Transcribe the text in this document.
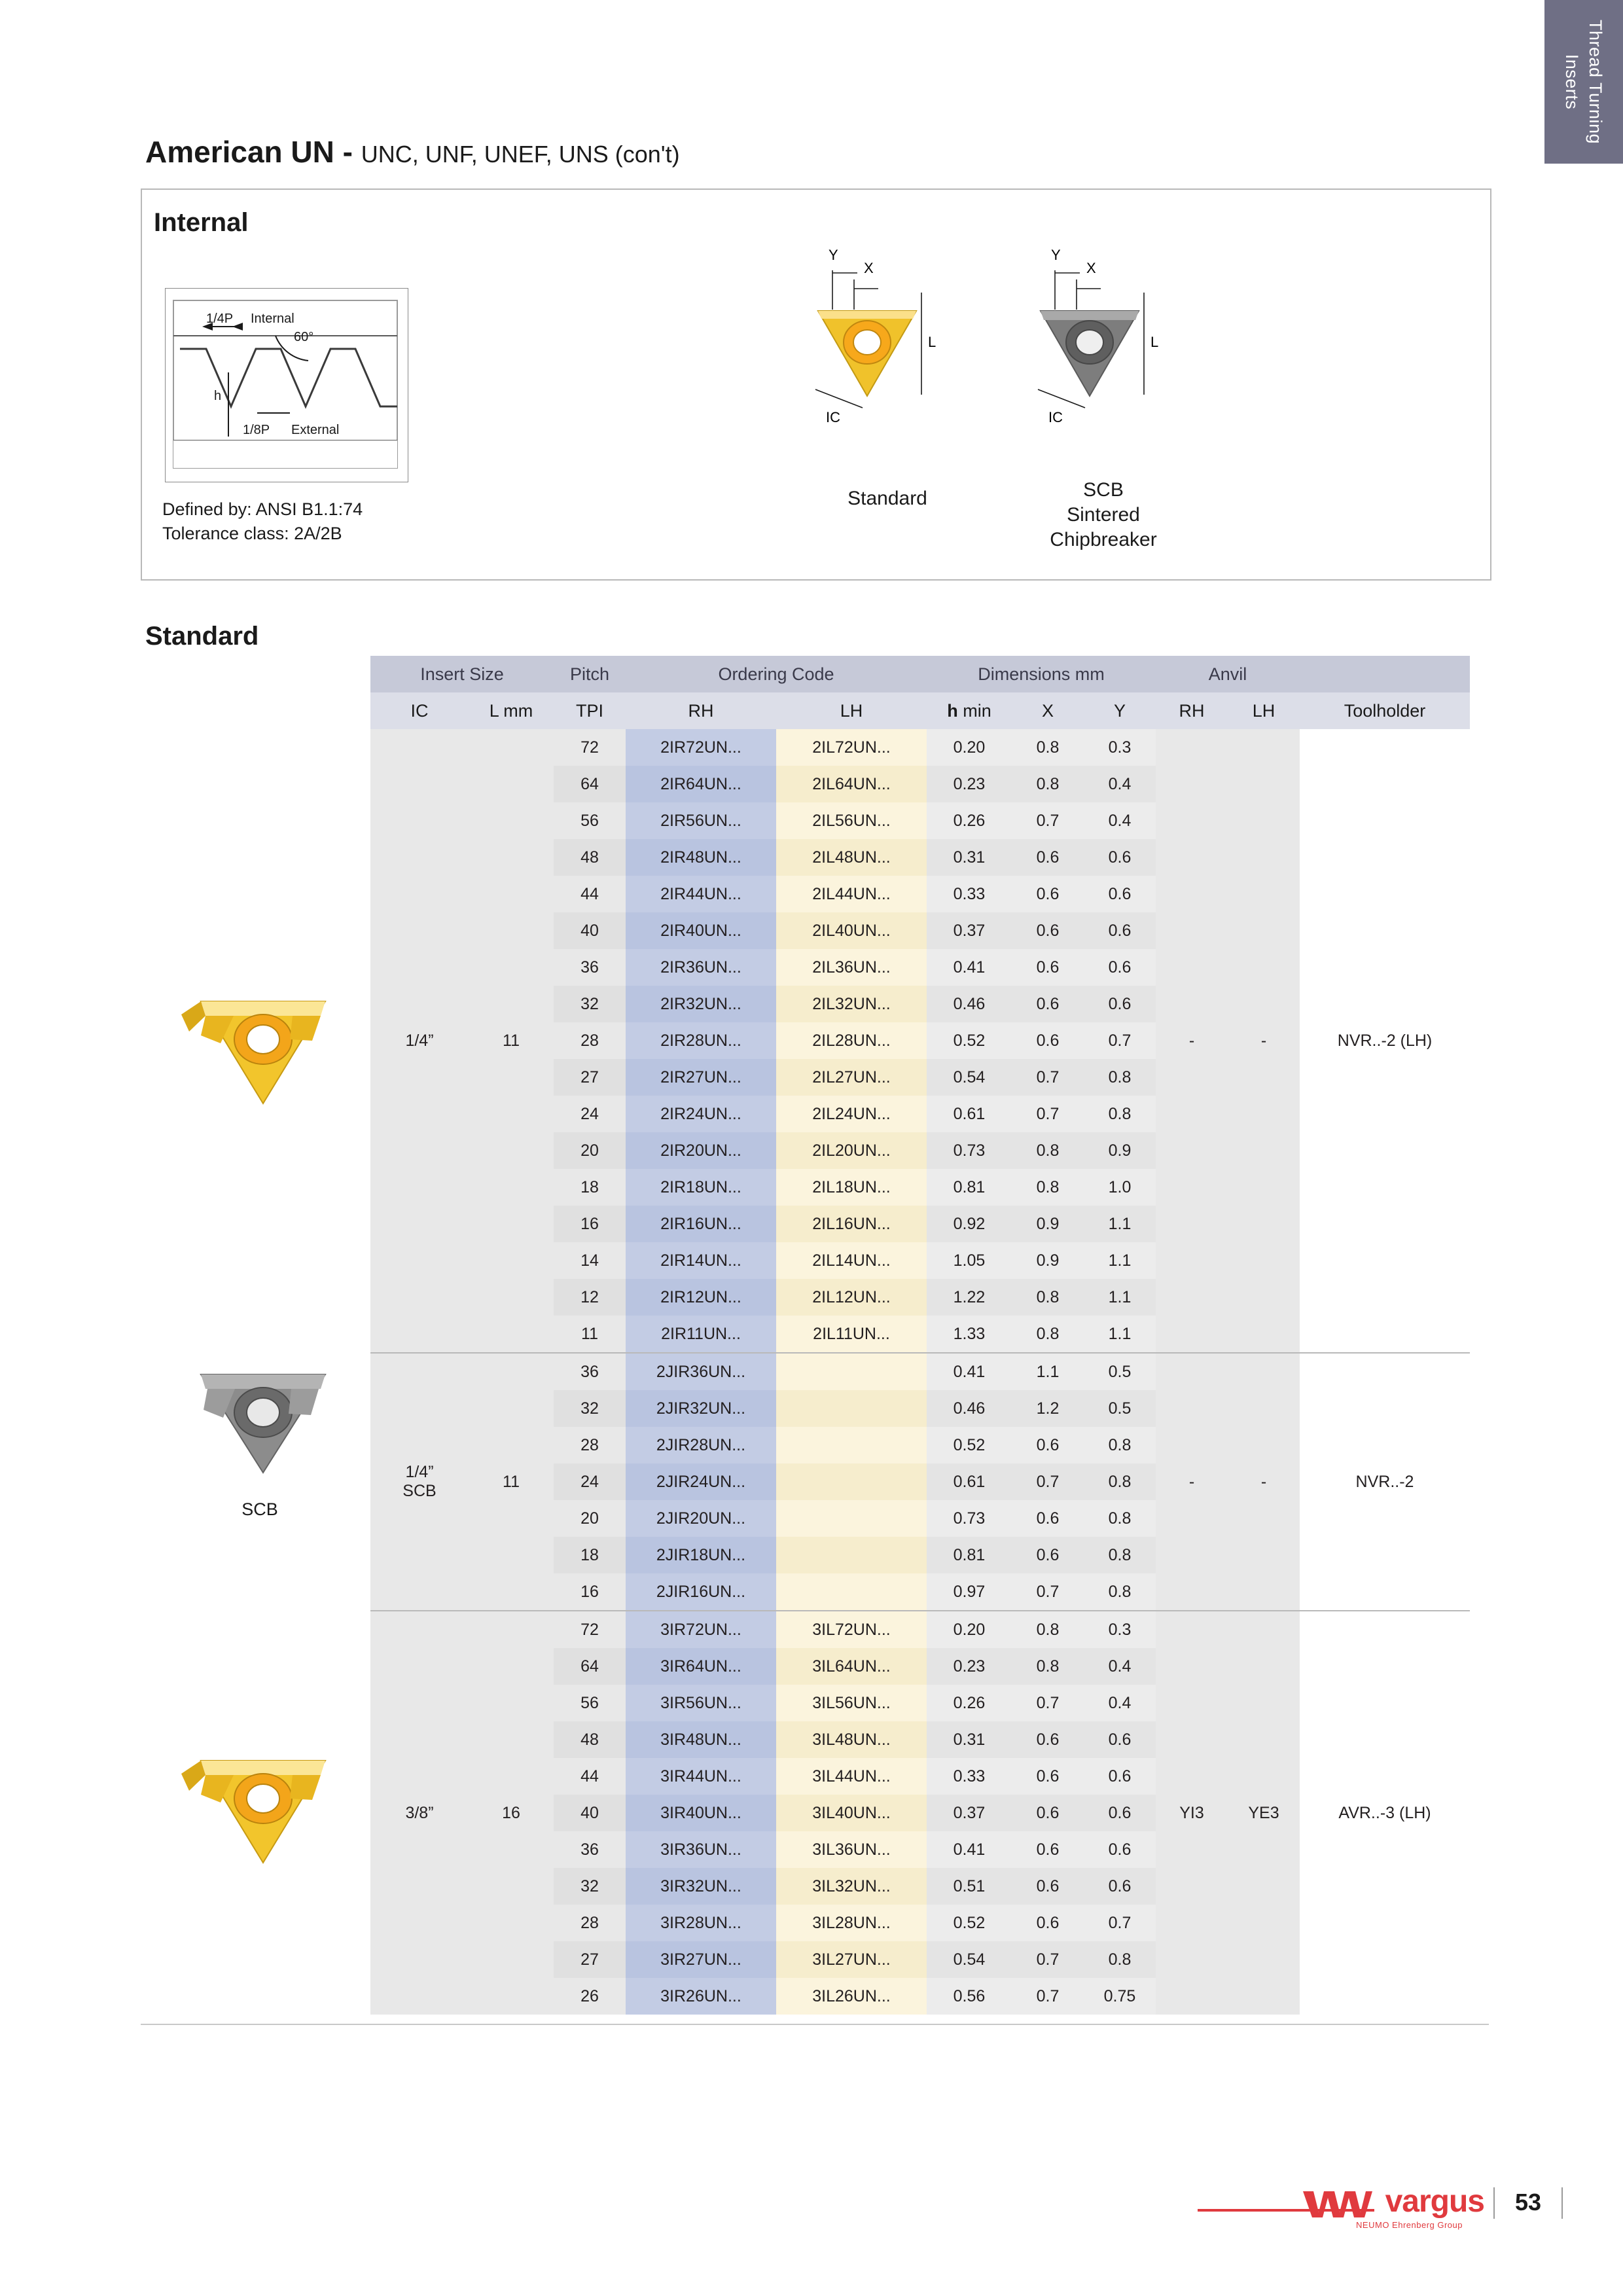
Thread Turning
Inserts
American UN - UNC, UNF, UNEF, UNS (con't)
Internal
1/4P Internal
60°
h
1/8P External
Defined by: ANSI B1.1:74
Tolerance class: 2A/2B
Y
X
L
IC
Y
X
L
IC
Standard	SCB
Sintered
Chipbreaker
Standard
SCB
Insert Size		Pitch	Ordering Code		Dimensions mm			Anvil		
IC	L mm	TPI	RH	LH	h min	X	Y	RH	LH	Toolholder
1/4”	11	72	2IR72UN...	2IL72UN...	0.20	0.8	0.3	-	-	NVR..-2 (LH)
		64	2IR64UN...	2IL64UN...	0.23	0.8	0.4			
		56	2IR56UN...	2IL56UN...	0.26	0.7	0.4			
		48	2IR48UN...	2IL48UN...	0.31	0.6	0.6			
		44	2IR44UN...	2IL44UN...	0.33	0.6	0.6			
		40	2IR40UN...	2IL40UN...	0.37	0.6	0.6			
		36	2IR36UN...	2IL36UN...	0.41	0.6	0.6			
		32	2IR32UN...	2IL32UN...	0.46	0.6	0.6			
		28	2IR28UN...	2IL28UN...	0.52	0.6	0.7			
		27	2IR27UN...	2IL27UN...	0.54	0.7	0.8			
		24	2IR24UN...	2IL24UN...	0.61	0.7	0.8			
		20	2IR20UN...	2IL20UN...	0.73	0.8	0.9			
		18	2IR18UN...	2IL18UN...	0.81	0.8	1.0			
		16	2IR16UN...	2IL16UN...	0.92	0.9	1.1			
		14	2IR14UN...	2IL14UN...	1.05	0.9	1.1			
		12	2IR12UN...	2IL12UN...	1.22	0.8	1.1			
		11	2IR11UN...	2IL11UN...	1.33	0.8	1.1			

1/4”
SCB	11	36	2JIR36UN...		0.41	1.1	0.5	-	-	NVR..-2
		32	2JIR32UN...		0.46	1.2	0.5			
		28	2JIR28UN...		0.52	0.6	0.8			
		24	2JIR24UN...		0.61	0.7	0.8			
		20	2JIR20UN...		0.73	0.6	0.8			
		18	2JIR18UN...		0.81	0.6	0.8			
		16	2JIR16UN...		0.97	0.7	0.8			
3/8”	16	72	3IR72UN...	3IL72UN...	0.20	0.8	0.3	YI3	YE3	AVR..-3 (LH)
		64	3IR64UN...	3IL64UN...	0.23	0.8	0.4			
		56	3IR56UN...	3IL56UN...	0.26	0.7	0.4			
		48	3IR48UN...	3IL48UN...	0.31	0.6	0.6			
		44	3IR44UN...	3IL44UN...	0.33	0.6	0.6			
		40	3IR40UN...	3IL40UN...	0.37	0.6	0.6			
		36	3IR36UN...	3IL36UN...	0.41	0.6	0.6			
		32	3IR32UN...	3IL32UN...	0.51	0.6	0.6			
		28	3IR28UN...	3IL28UN...	0.52	0.6	0.7			
		27	3IR27UN...	3IL27UN...	0.54	0.7	0.8			
		26	3IR26UN...	3IL26UN...	0.56	0.7	0.75			
vargus
NEUMO Ehrenberg Group
53
